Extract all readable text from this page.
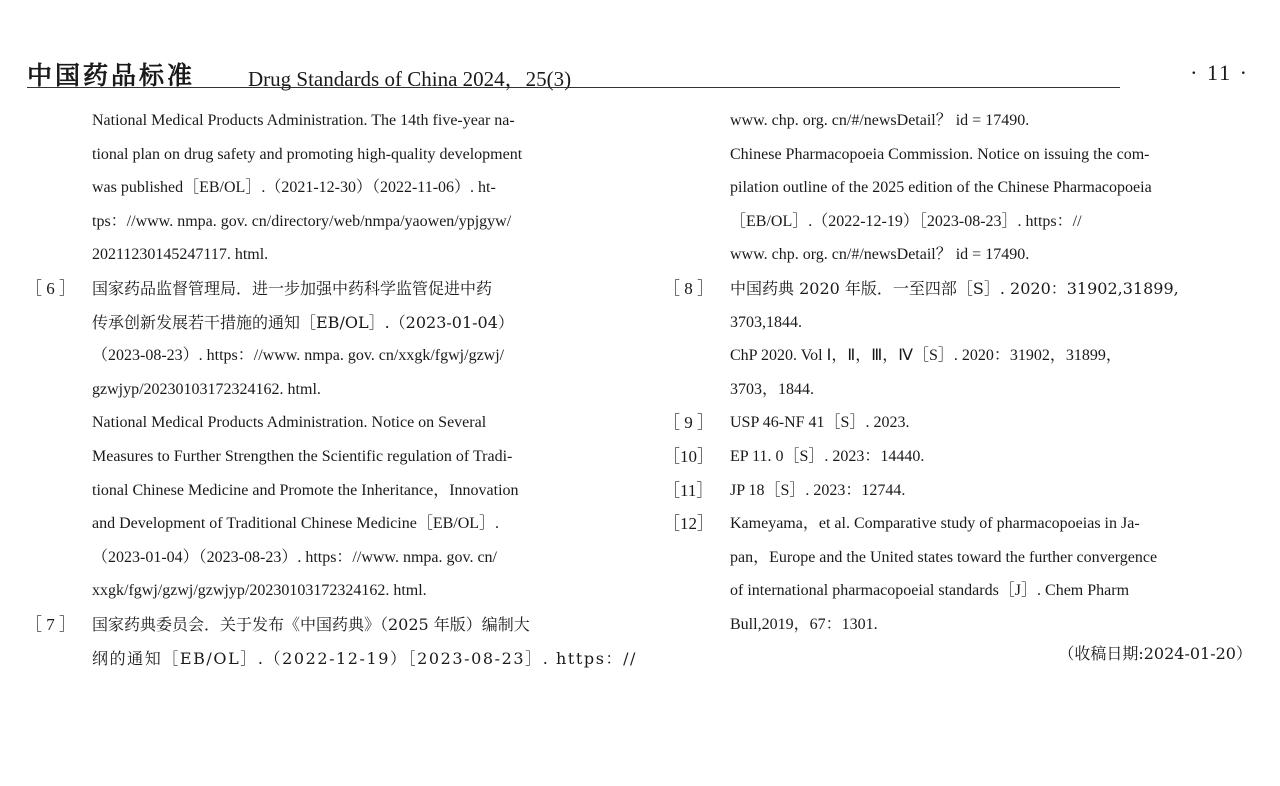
中国药品标准	Drug Standards of China 2024，25(3)	· 11 ·
National Medical Products Administration. The 14th five-year na-
tional plan on drug safety and promoting high-quality development
was published［EB/OL］.（2021-12-30）（2022-11-06）. ht-
tps：//www. nmpa. gov. cn/directory/web/nmpa/yaowen/ypjgyw/
20211230145247117. html.
［ 6 ］ 国家药品监督管理局．进一步加强中药科学监管促进中药
传承创新发展若干措施的通知［EB/OL］.（2023-01-04）
（2023-08-23）. https：//www. nmpa. gov. cn/xxgk/fgwj/gzwj/
gzwjyp/20230103172324162. html.
National Medical Products Administration. Notice on Several
Measures to Further Strengthen the Scientific regulation of Tradi-
tional Chinese Medicine and Promote the Inheritance，Innovation
and Development of Traditional Chinese Medicine［EB/OL］.
（2023-01-04）（2023-08-23）. https：//www. nmpa. gov. cn/
xxgk/fgwj/gzwj/gzwjyp/20230103172324162. html.
［ 7 ］ 国家药典委员会．关于发布《中国药典》（2025 年版）编制大
纲的通知［EB/OL］.（2022-12-19）［2023-08-23］. https：//
www. chp. org. cn/#/newsDetail？ id = 17490.
Chinese Pharmacopoeia Commission. Notice on issuing the com-
pilation outline of the 2025 edition of the Chinese Pharmacopoeia
［EB/OL］.（2022-12-19）［2023-08-23］. https：//
www. chp. org. cn/#/newsDetail？ id = 17490.
［ 8 ］ 中国药典 2020 年版．一至四部［S］. 2020：31902,31899,
3703,1844.
ChP 2020. Vol Ⅰ，Ⅱ，Ⅲ，Ⅳ［S］. 2020：31902，31899，
3703，1844.
［ 9 ］ USP 46-NF 41［S］. 2023.
［10］ EP 11. 0［S］. 2023：14440.
［11］ JP 18［S］. 2023：12744.
［12］ Kameyama，et al. Comparative study of pharmacopoeias in Ja-
pan，Europe and the United states toward the further convergence
of international pharmacopoeial standards［J］. Chem Pharm
Bull,2019，67：1301.
（收稿日期:2024-01-20）
